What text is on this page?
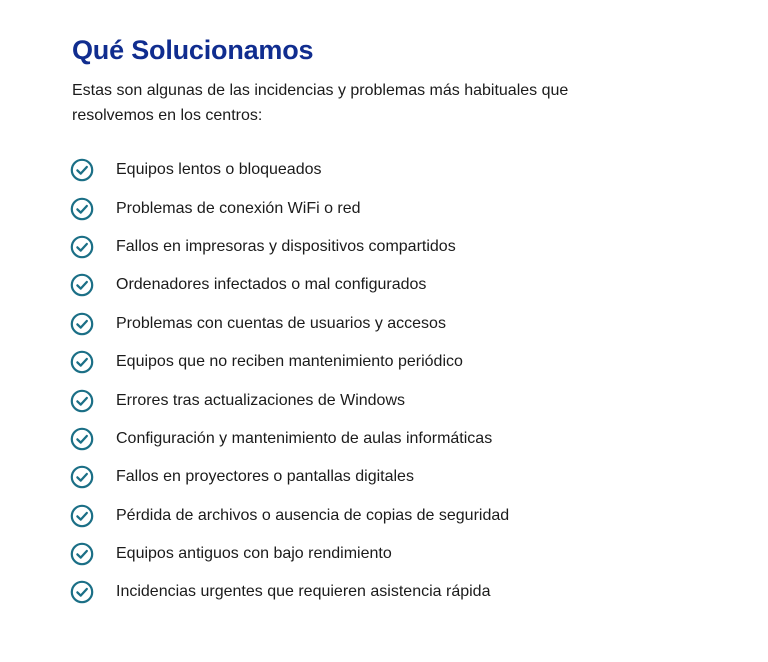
Qué Solucionamos

Estas son algunas de las incidencias y problemas más habituales que resolvemos en los centros:

Equipos lentos o bloqueados
Problemas de conexión WiFi o red
Fallos en impresoras y dispositivos compartidos
Ordenadores infectados o mal configurados
Problemas con cuentas de usuarios y accesos
Equipos que no reciben mantenimiento periódico
Errores tras actualizaciones de Windows
Configuración y mantenimiento de aulas informáticas
Fallos en proyectores o pantallas digitales
Pérdida de archivos o ausencia de copias de seguridad
Equipos antiguos con bajo rendimiento
Incidencias urgentes que requieren asistencia rápida
